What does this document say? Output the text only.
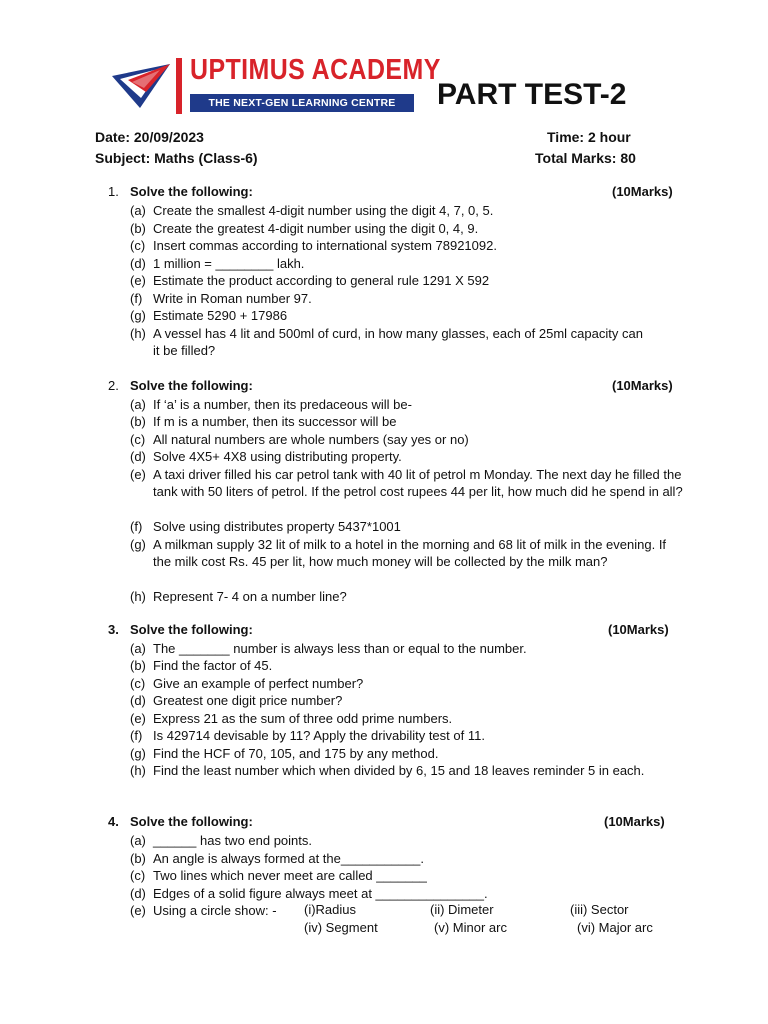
UPTIMUS ACADEMY
THE NEXT-GEN LEARNING CENTRE	PART TEST-2
Date: 20/09/2023	Time: 2 hour
Subject: Maths (Class-6)	Total Marks: 80
1. Solve the following:	(10Marks)
(a) Create the smallest 4-digit number using the digit 4, 7, 0, 5.
(b) Create the greatest 4-digit number using the digit 0, 4, 9.
(c) Insert commas according to international system 78921092.
(d) 1 million = ________ lakh.
(e) Estimate the product according to general rule 1291 X 592
(f) Write in Roman number 97.
(g) Estimate 5290 + 17986
(h) A vessel has 4 lit and 500ml of curd, in how many glasses, each of 25ml capacity can it be filled?
2. Solve the following:	(10Marks)
(a) If ‘a’ is a number, then its predaceous will be-
(b) If m is a number, then its successor will be
(c) All natural numbers are whole numbers (say yes or no)
(d) Solve 4X5+ 4X8 using distributing property.
(e) A taxi driver filled his car petrol tank with 40 lit of petrol m Monday. The next day he filled the tank with 50 liters of petrol. If the petrol cost rupees 44 per lit, how much did he spend in all?
(f) Solve using distributes property 5437*1001
(g) A milkman supply 32 lit of milk to a hotel in the morning and 68 lit of milk in the evening. If the milk cost Rs. 45 per lit, how much money will be collected by the milk man?
(h) Represent 7- 4 on a number line?
3. Solve the following:	(10Marks)
(a) The _______ number is always less than or equal to the number.
(b) Find the factor of 45.
(c) Give an example of perfect number?
(d) Greatest one digit price number?
(e) Express 21 as the sum of three odd prime numbers.
(f) Is 429714 devisable by 11? Apply the drivability test of 11.
(g) Find the HCF of 70, 105, and 175 by any method.
(h) Find the least number which when divided by 6, 15 and 18 leaves reminder 5 in each.
4. Solve the following:	(10Marks)
(a) ______ has two end points.
(b) An angle is always formed at the___________.
(c) Two lines which never meet are called _______
(d) Edges of a solid figure always meet at _______________.
(e) Using a circle show: -	(i)Radius	(ii) Dimeter	(iii) Sector
(iv) Segment	(v) Minor arc	(vi) Major arc
